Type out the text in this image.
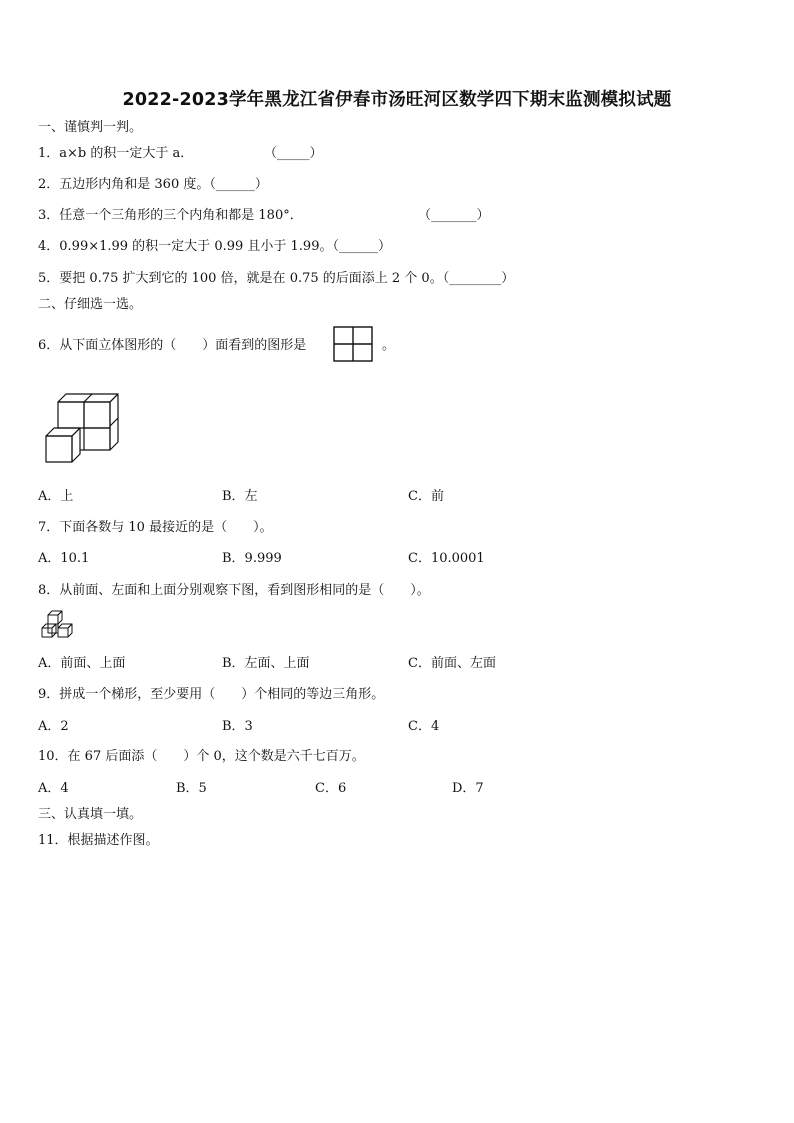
2022-2023学年黑龙江省伊春市汤旺河区数学四下期末监测模拟试题
一、谨慎判一判。
1．a×b 的积一定大于 a．	（_____）
2．五边形内角和是 360 度。（______）
3．任意一个三角形的三个内角和都是 180°．	（_______）
4．0.99×1.99 的积一定大于 0.99 且小于 1.99。（______）
5．要把 0.75 扩大到它的 100 倍，就是在 0.75 的后面添上 2 个 0。（________）
二、仔细选一选。
6．从下面立体图形的（　　）面看到的图形是	。
A．上	B．左	C．前
7．下面各数与 10 最接近的是（　　）。
A．10.1	B．9.999	C．10.0001
8．从前面、左面和上面分别观察下图，看到图形相同的是（　　）。
A．前面、上面	B．左面、上面	C．前面、左面
9．拼成一个梯形，至少要用（　　）个相同的等边三角形。
A．2	B．3	C．4
10．在 67 后面添（　　）个 0，这个数是六千七百万。
A．4	B．5	C．6	D．7
三、认真填一填。
11．根据描述作图。
